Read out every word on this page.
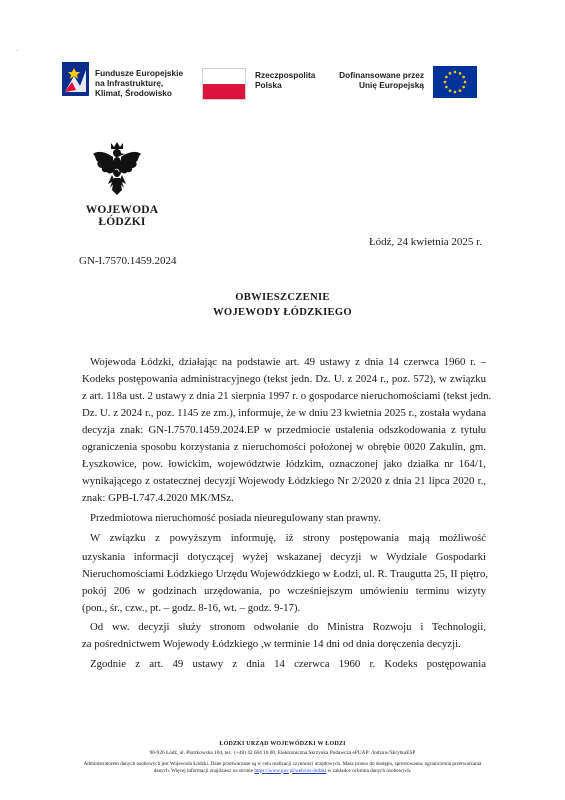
·
Fundusze Europejskie
na Infrastrukturę,
Klimat, Środowisko
Rzeczpospolita
Polska
Dofinansowane przez
Unię Europejską
WOJEWODA ŁÓDZKI
Łódź, 24 kwietnia 2025 r.
GN-I.7570.1459.2024
OBWIESZCZENIE
WOJEWODY ŁÓDZKIEGO
Wojewoda Łódzki, działając na podstawie art. 49 ustawy z dnia 14 czerwca 1960 r. –
Kodeks postępowania administracyjnego (tekst jedn. Dz. U. z 2024 r., poz. 572), w związku
z art. 118a ust. 2 ustawy z dnia 21 sierpnia 1997 r. o gospodarce nieruchomościami (tekst jedn.
Dz. U. z 2024 r., poz. 1145 ze zm.), informuje, że w dniu 23 kwietnia 2025 r., została wydana
decyzja znak: GN-I.7570.1459.2024.EP w przedmiocie ustalenia odszkodowania z tytułu
ograniczenia sposobu korzystania z nieruchomości położonej w obrębie 0020 Zakulin, gm.
Łyszkowice, pow. łowickim, województwie łódzkim, oznaczonej jako działka nr 164/1,
wynikającego z ostatecznej decyzji Wojewody Łódzkiego Nr 2/2020 z dnia 21 lipca 2020 r.,
znak: GPB-I.747.4.2020 MK/MSz.
Przedmiotowa nieruchomość posiada nieuregulowany stan prawny.
W związku z powyższym informuję, iż strony postępowania mają możliwość
uzyskania informacji dotyczącej wyżej wskazanej decyzji w Wydziale Gospodarki
Nieruchomościami Łódzkiego Urzędu Wojewódzkiego w Łodzi, ul. R. Traugutta 25, II piętro,
pokój 206 w godzinach urzędowania, po wcześniejszym umówieniu terminu wizyty
(pon., śr., czw., pt. – godz. 8-16, wt. – godz. 9-17).
Od ww. decyzji służy stronom odwołanie do Ministra Rozwoju i Technologii,
za pośrednictwem Wojewody Łódzkiego ,w terminie 14 dni od dnia doręczenia decyzji.
Zgodnie z art. 49 ustawy z dnia 14 czerwca 1960 r. Kodeks postępowania
ŁÓDZKI URZĄD WOJEWÓDZKI W ŁODZI
90-926 Łódź, ul. Piotrkowska 104, tel.: (+48) 42 664 10 00, Elektroniczna Skrzynka Podawcza ePUAP: /lodzuw/SkrytkaESP
Administratorem danych osobowych jest Wojewoda Łódzki. Dane przetwarzane są w celu realizacji czynności urzędowych. Masz prawo do dostępu, sprostowania, ograniczenia przetwarzania danych. Więcej informacji znajdziesz na stronie https://www.gov.pl/web/uw-lodzki w zakładce ochrona danych osobowych.
